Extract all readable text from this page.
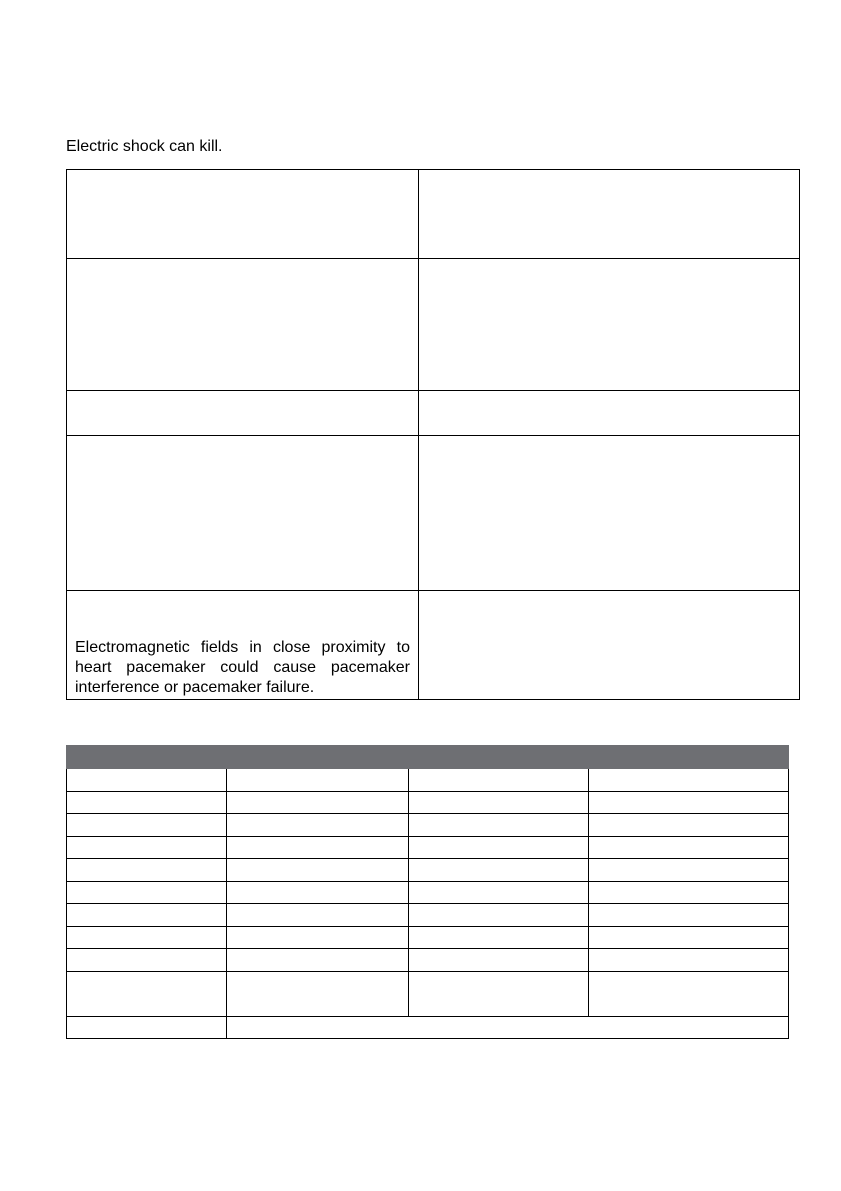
Electric shock can kill.

Electromagnetic fields in close proximity to heart pacemaker could cause pacemaker interference or pacemaker failure.	
